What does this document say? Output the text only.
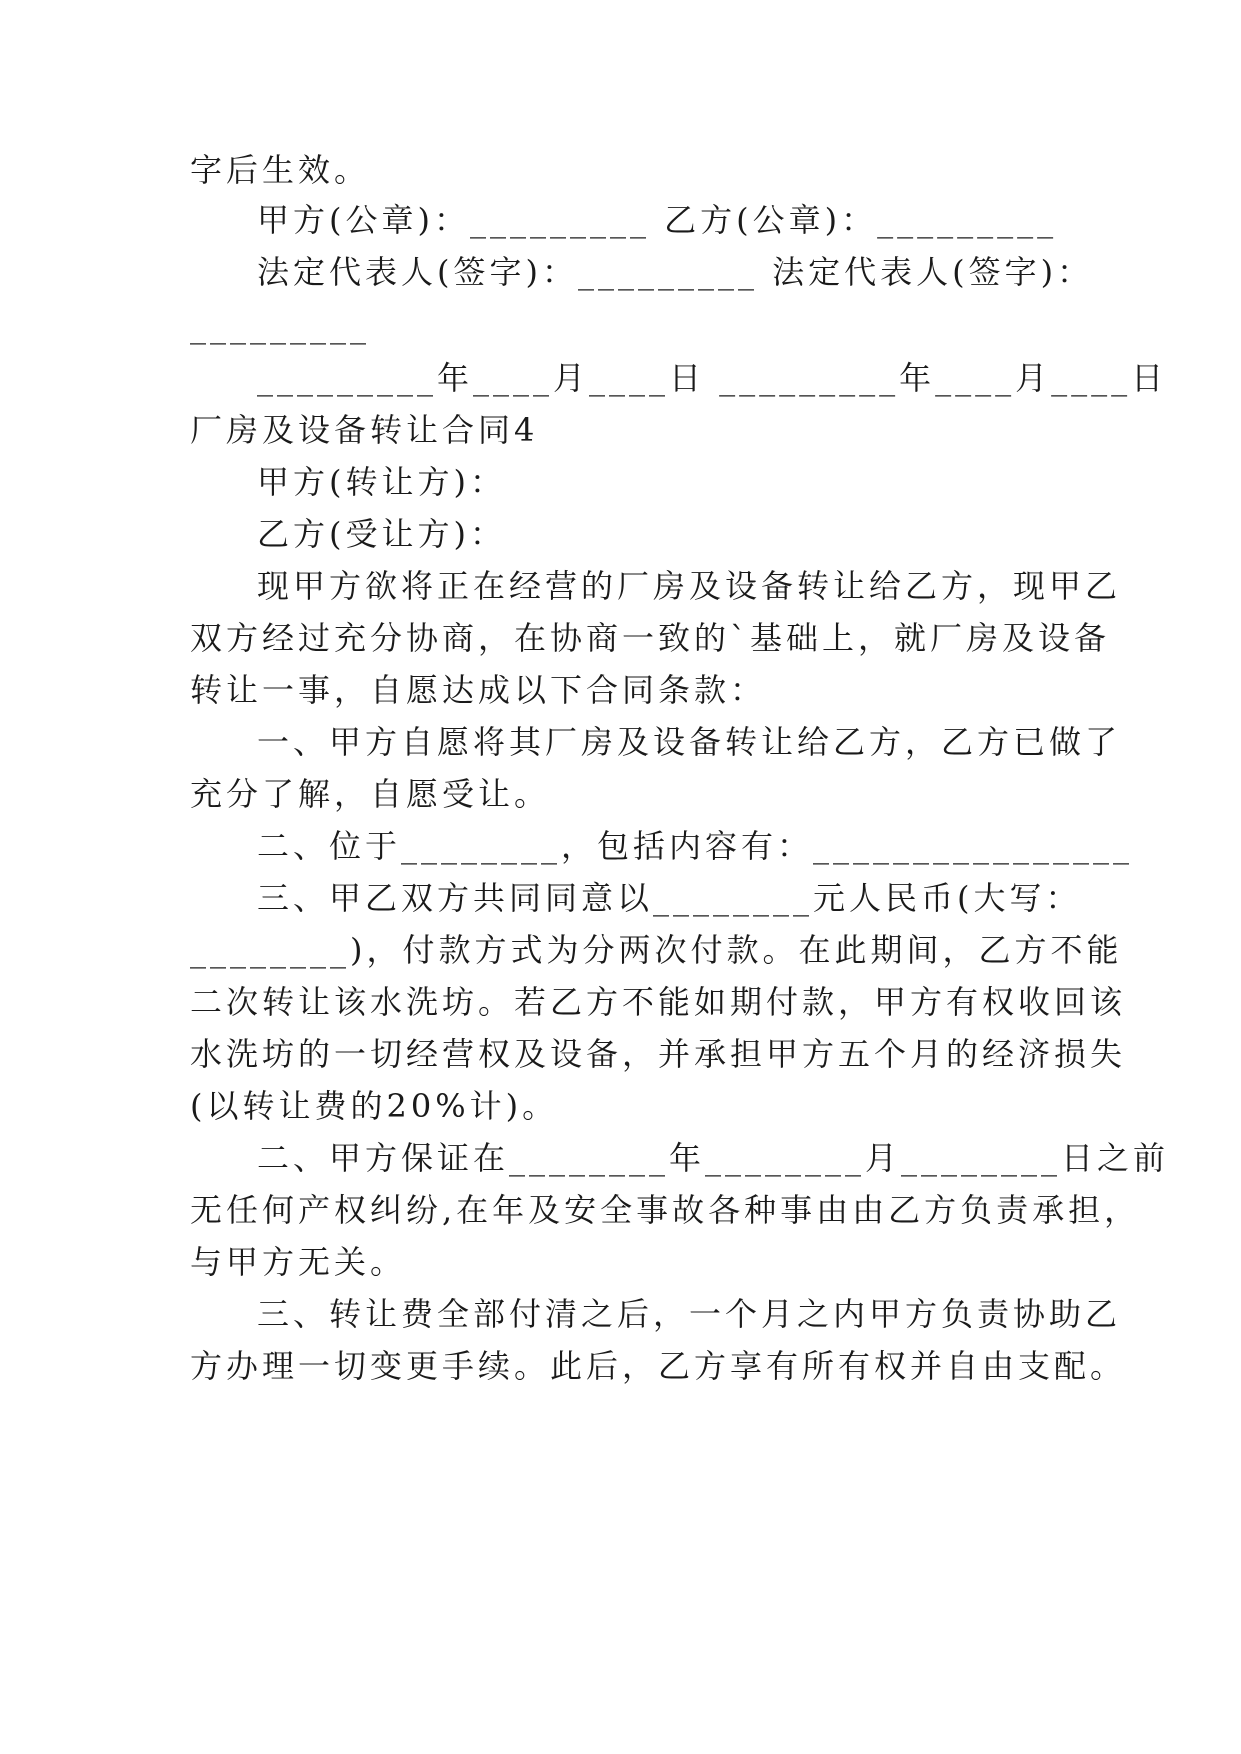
字后生效。
甲方(公章)：_________ 乙方(公章)：_________
法定代表人(签字)：_________ 法定代表人(签字)：
_________
_________年____月____日 _________年____月____日
厂房及设备转让合同4
甲方(转让方)：
乙方(受让方)：
现甲方欲将正在经营的厂房及设备转让给乙方，现甲乙
双方经过充分协商，在协商一致的`基础上，就厂房及设备
转让一事，自愿达成以下合同条款：
一、甲方自愿将其厂房及设备转让给乙方，乙方已做了
充分了解，自愿受让。
二、位于________，包括内容有：________________
三、甲乙双方共同同意以________元人民币(大写：
________)，付款方式为分两次付款。在此期间，乙方不能
二次转让该水洗坊。若乙方不能如期付款，甲方有权收回该
水洗坊的一切经营权及设备，并承担甲方五个月的经济损失
(以转让费的20%计)。
二、甲方保证在________年________月________日之前
无任何产权纠纷,在年及安全事故各种事由由乙方负责承担，
与甲方无关。
三、转让费全部付清之后，一个月之内甲方负责协助乙
方办理一切变更手续。此后，乙方享有所有权并自由支配。
